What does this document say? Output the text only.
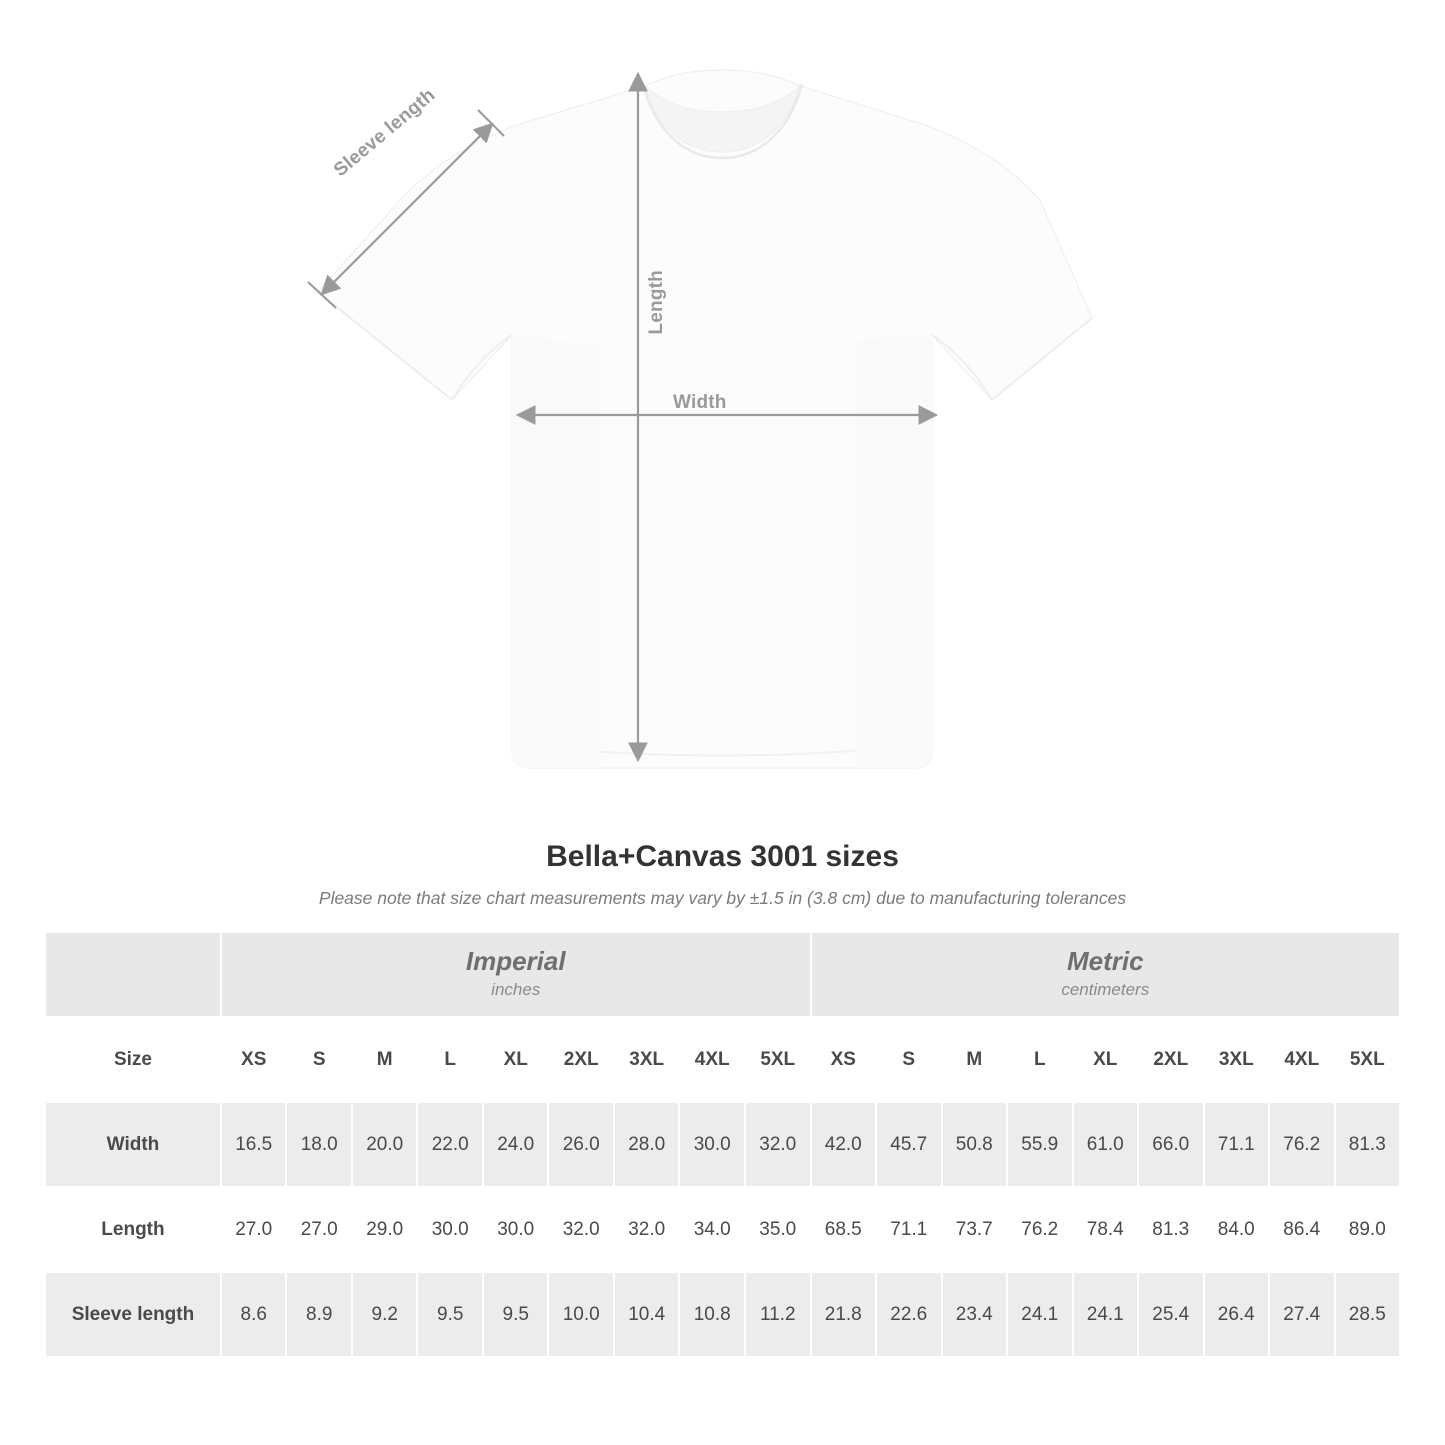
Length
Width
Sleeve length
Bella+Canvas 3001 sizes

Please note that size chart measurements may vary by ±1.5 in (3.8 cm) due to manufacturing tolerances

	Imperial
inches									Metric
centimeters								

Size	XS	S	M	L	XL	2XL	3XL	4XL	5XL	XS	S	M	L	XL	2XL	3XL	4XL	5XL
Width	16.5	18.0	20.0	22.0	24.0	26.0	28.0	30.0	32.0	42.0	45.7	50.8	55.9	61.0	66.0	71.1	76.2	81.3
Length	27.0	27.0	29.0	30.0	30.0	32.0	32.0	34.0	35.0	68.5	71.1	73.7	76.2	78.4	81.3	84.0	86.4	89.0
Sleeve length	8.6	8.9	9.2	9.5	9.5	10.0	10.4	10.8	11.2	21.8	22.6	23.4	24.1	24.1	25.4	26.4	27.4	28.5
